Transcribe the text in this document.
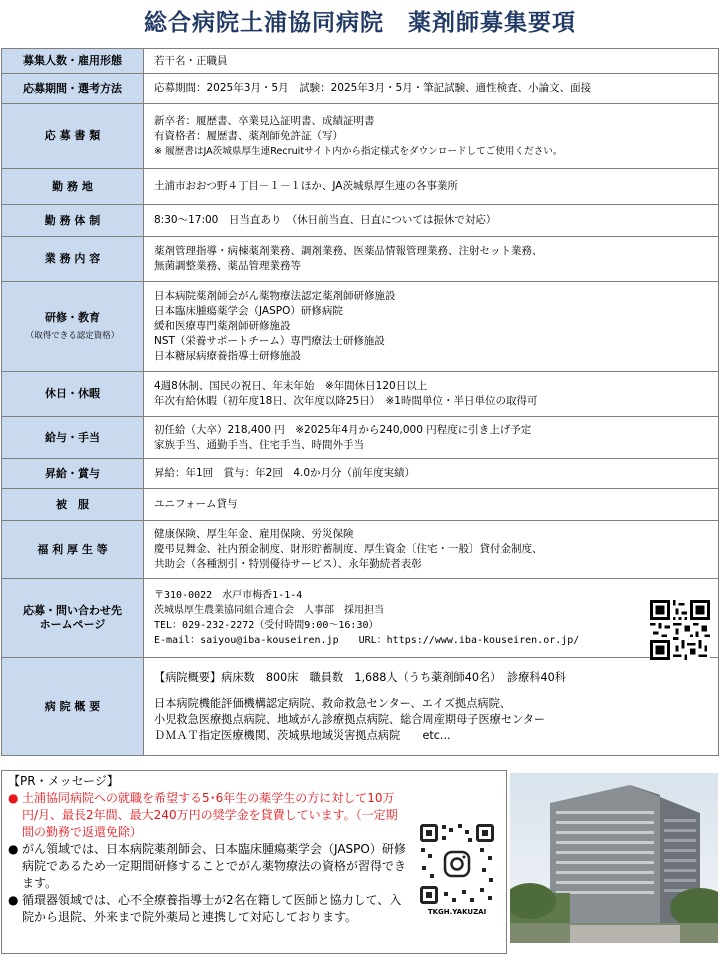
総合病院土浦協同病院　薬剤師募集要項
募集人数・雇用形態	若干名・正職員

応募期間・選考方法	応募期間：2025年3月・5月　試験：2025年3月・5月・筆記試験、適性検査、小論文、面接

応 募 書 類	新卒者：履歴書、卒業見込証明書、成績証明書
有資格者：履歴書、薬剤師免許証（写）
※ 履歴書はJA茨城県厚生連Recruitサイト内から指定様式をダウンロードしてご使用ください。

勤 務 地	土浦市おおつ野４丁目－１－１ほか、JA茨城県厚生連の各事業所

勤 務 体 制	8:30～17:00　日当直あり　（休日前当直、日直については振休で対応）

業 務 内 容	薬剤管理指導・病棟薬剤業務、調剤業務、医薬品情報管理業務、注射セット業務、
無菌調整業務、薬品管理業務等

研修・教育
（取得できる認定資格）	日本病院薬剤師会がん薬物療法認定薬剤師研修施設
日本臨床腫瘍薬学会（JASPO）研修病院
緩和医療専門薬剤師研修施設
NST（栄養サポートチーム）専門療法士研修施設
日本糖尿病療養指導士研修施設

休日・休暇	4週8休制、国民の祝日、年末年始　※年間休日120日以上
年次有給休暇（初年度18日、次年度以降25日）　※1時間単位・半日単位の取得可

給与・手当	初任給（大卒）218,400 円　※2025年4月から240,000 円程度に引き上げ予定
家族手当、通勤手当、住宅手当、時間外手当

昇給・賞与	昇給：年1回　賞与：年2回　4.0か月分（前年度実績）

被　服	ユニフォーム貸与

福 利 厚 生 等	健康保険、厚生年金、雇用保険、労災保険
慶弔見舞金、社内預金制度、財形貯蓄制度、厚生資金〔住宅・一般〕貸付金制度、
共助会（各種割引・特別優待サービス）、永年勤続者表彰

応募・問い合わせ先
ホームページ	〒310-0022　水戸市梅香1-1-4
茨城県厚生農業協同組合連合会　人事部　採用担当
TEL：029-232-2272（受付時間9:00～16:30）
E-mail：saiyou@iba-kouseiren.jp　　URL：https://www.iba-kouseiren.or.jp/

病 院 概 要	【病院概要】病床数　800床　職員数　1,688人（うち薬剤師40名）　診療科40科
日本病院機能評価機構認定病院、救命救急センター、エイズ拠点病院、
小児救急医療拠点病院、地域がん診療拠点病院、総合周産期母子医療センター
ＤＭＡＴ指定医療機関、茨城県地域災害拠点病院　　etc...
【PR・メッセージ】
● 土浦協同病院への就職を希望する5･6年生の薬学生の方に対して10万円/月、最長2年間、最大240万円の奨学金を貸費しています。（一定期間の勤務で返還免除）
● がん領域では、日本病院薬剤師会、日本臨床腫瘍薬学会（JASPO）研修病院であるため一定期間研修することでがん薬物療法の資格が習得できます。
● 循環器領域では、心不全療養指導士が2名在籍して医師と協力して、入院から退院、外来まで院外薬局と連携して対応しております。	TKGH.YAKUZAI
